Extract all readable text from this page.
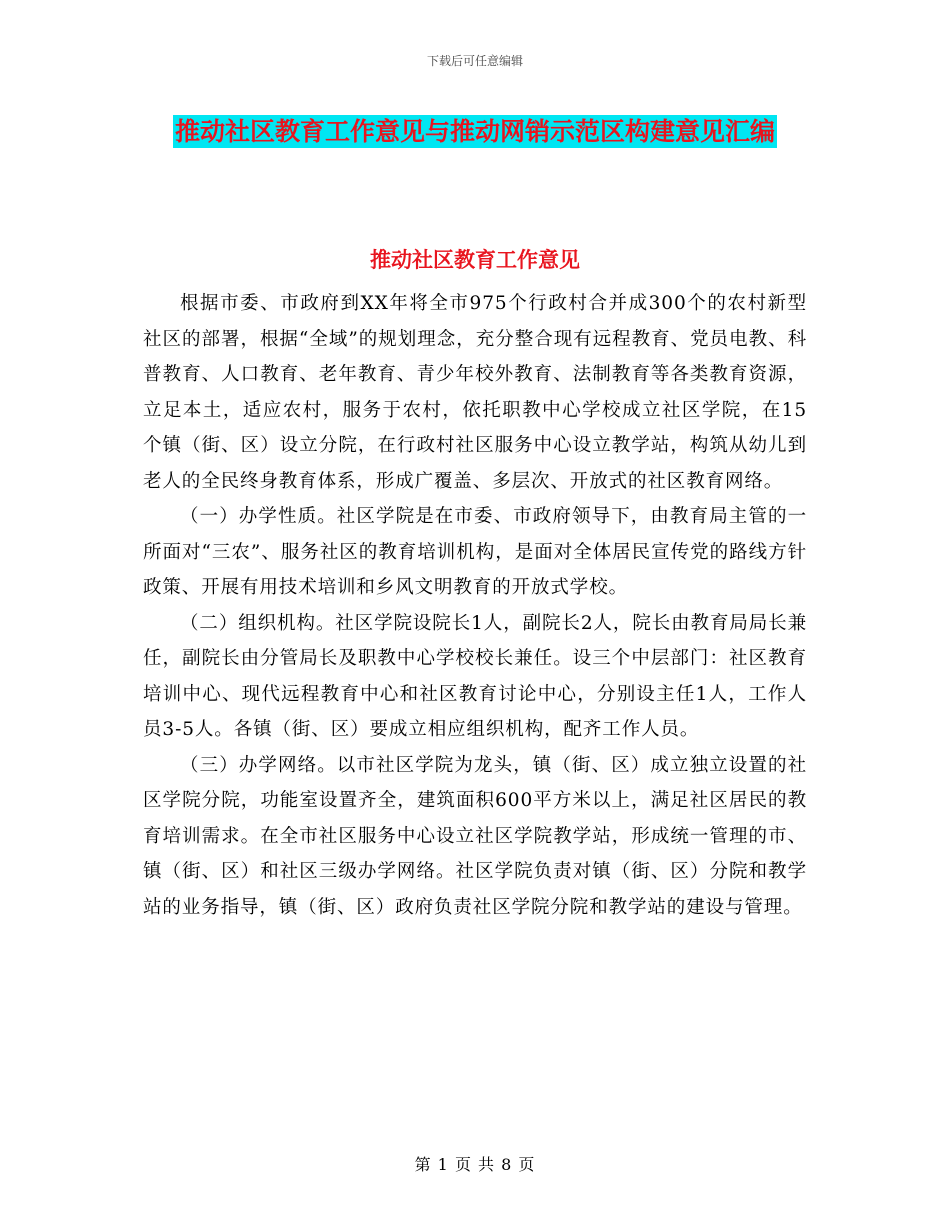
下载后可任意编辑
推动社区教育工作意见与推动网销示范区构建意见汇编
推动社区教育工作意见

根据市委、市政府到XX年将全市975个行政村合并成300个的农村新型社区的部署，根据“全域”的规划理念，充分整合现有远程教育、党员电教、科普教育、人口教育、老年教育、青少年校外教育、法制教育等各类教育资源，立足本土，适应农村，服务于农村，依托职教中心学校成立社区学院，在15个镇（街、区）设立分院，在行政村社区服务中心设立教学站，构筑从幼儿到老人的全民终身教育体系，形成广覆盖、多层次、开放式的社区教育网络。

（一）办学性质。社区学院是在市委、市政府领导下，由教育局主管的一所面对“三农”、服务社区的教育培训机构，是面对全体居民宣传党的路线方针政策、开展有用技术培训和乡风文明教育的开放式学校。

（二）组织机构。社区学院设院长1人，副院长2人，院长由教育局局长兼任，副院长由分管局长及职教中心学校校长兼任。设三个中层部门：社区教育培训中心、现代远程教育中心和社区教育讨论中心，分别设主任1人，工作人员3-5人。各镇（街、区）要成立相应组织机构，配齐工作人员。

（三）办学网络。以市社区学院为龙头，镇（街、区）成立独立设置的社区学院分院，功能室设置齐全，建筑面积600平方米以上，满足社区居民的教育培训需求。在全市社区服务中心设立社区学院教学站，形成统一管理的市、镇（街、区）和社区三级办学网络。社区学院负责对镇（街、区）分院和教学站的业务指导，镇（街、区）政府负责社区学院分院和教学站的建设与管理。

第 1 页 共 8 页
